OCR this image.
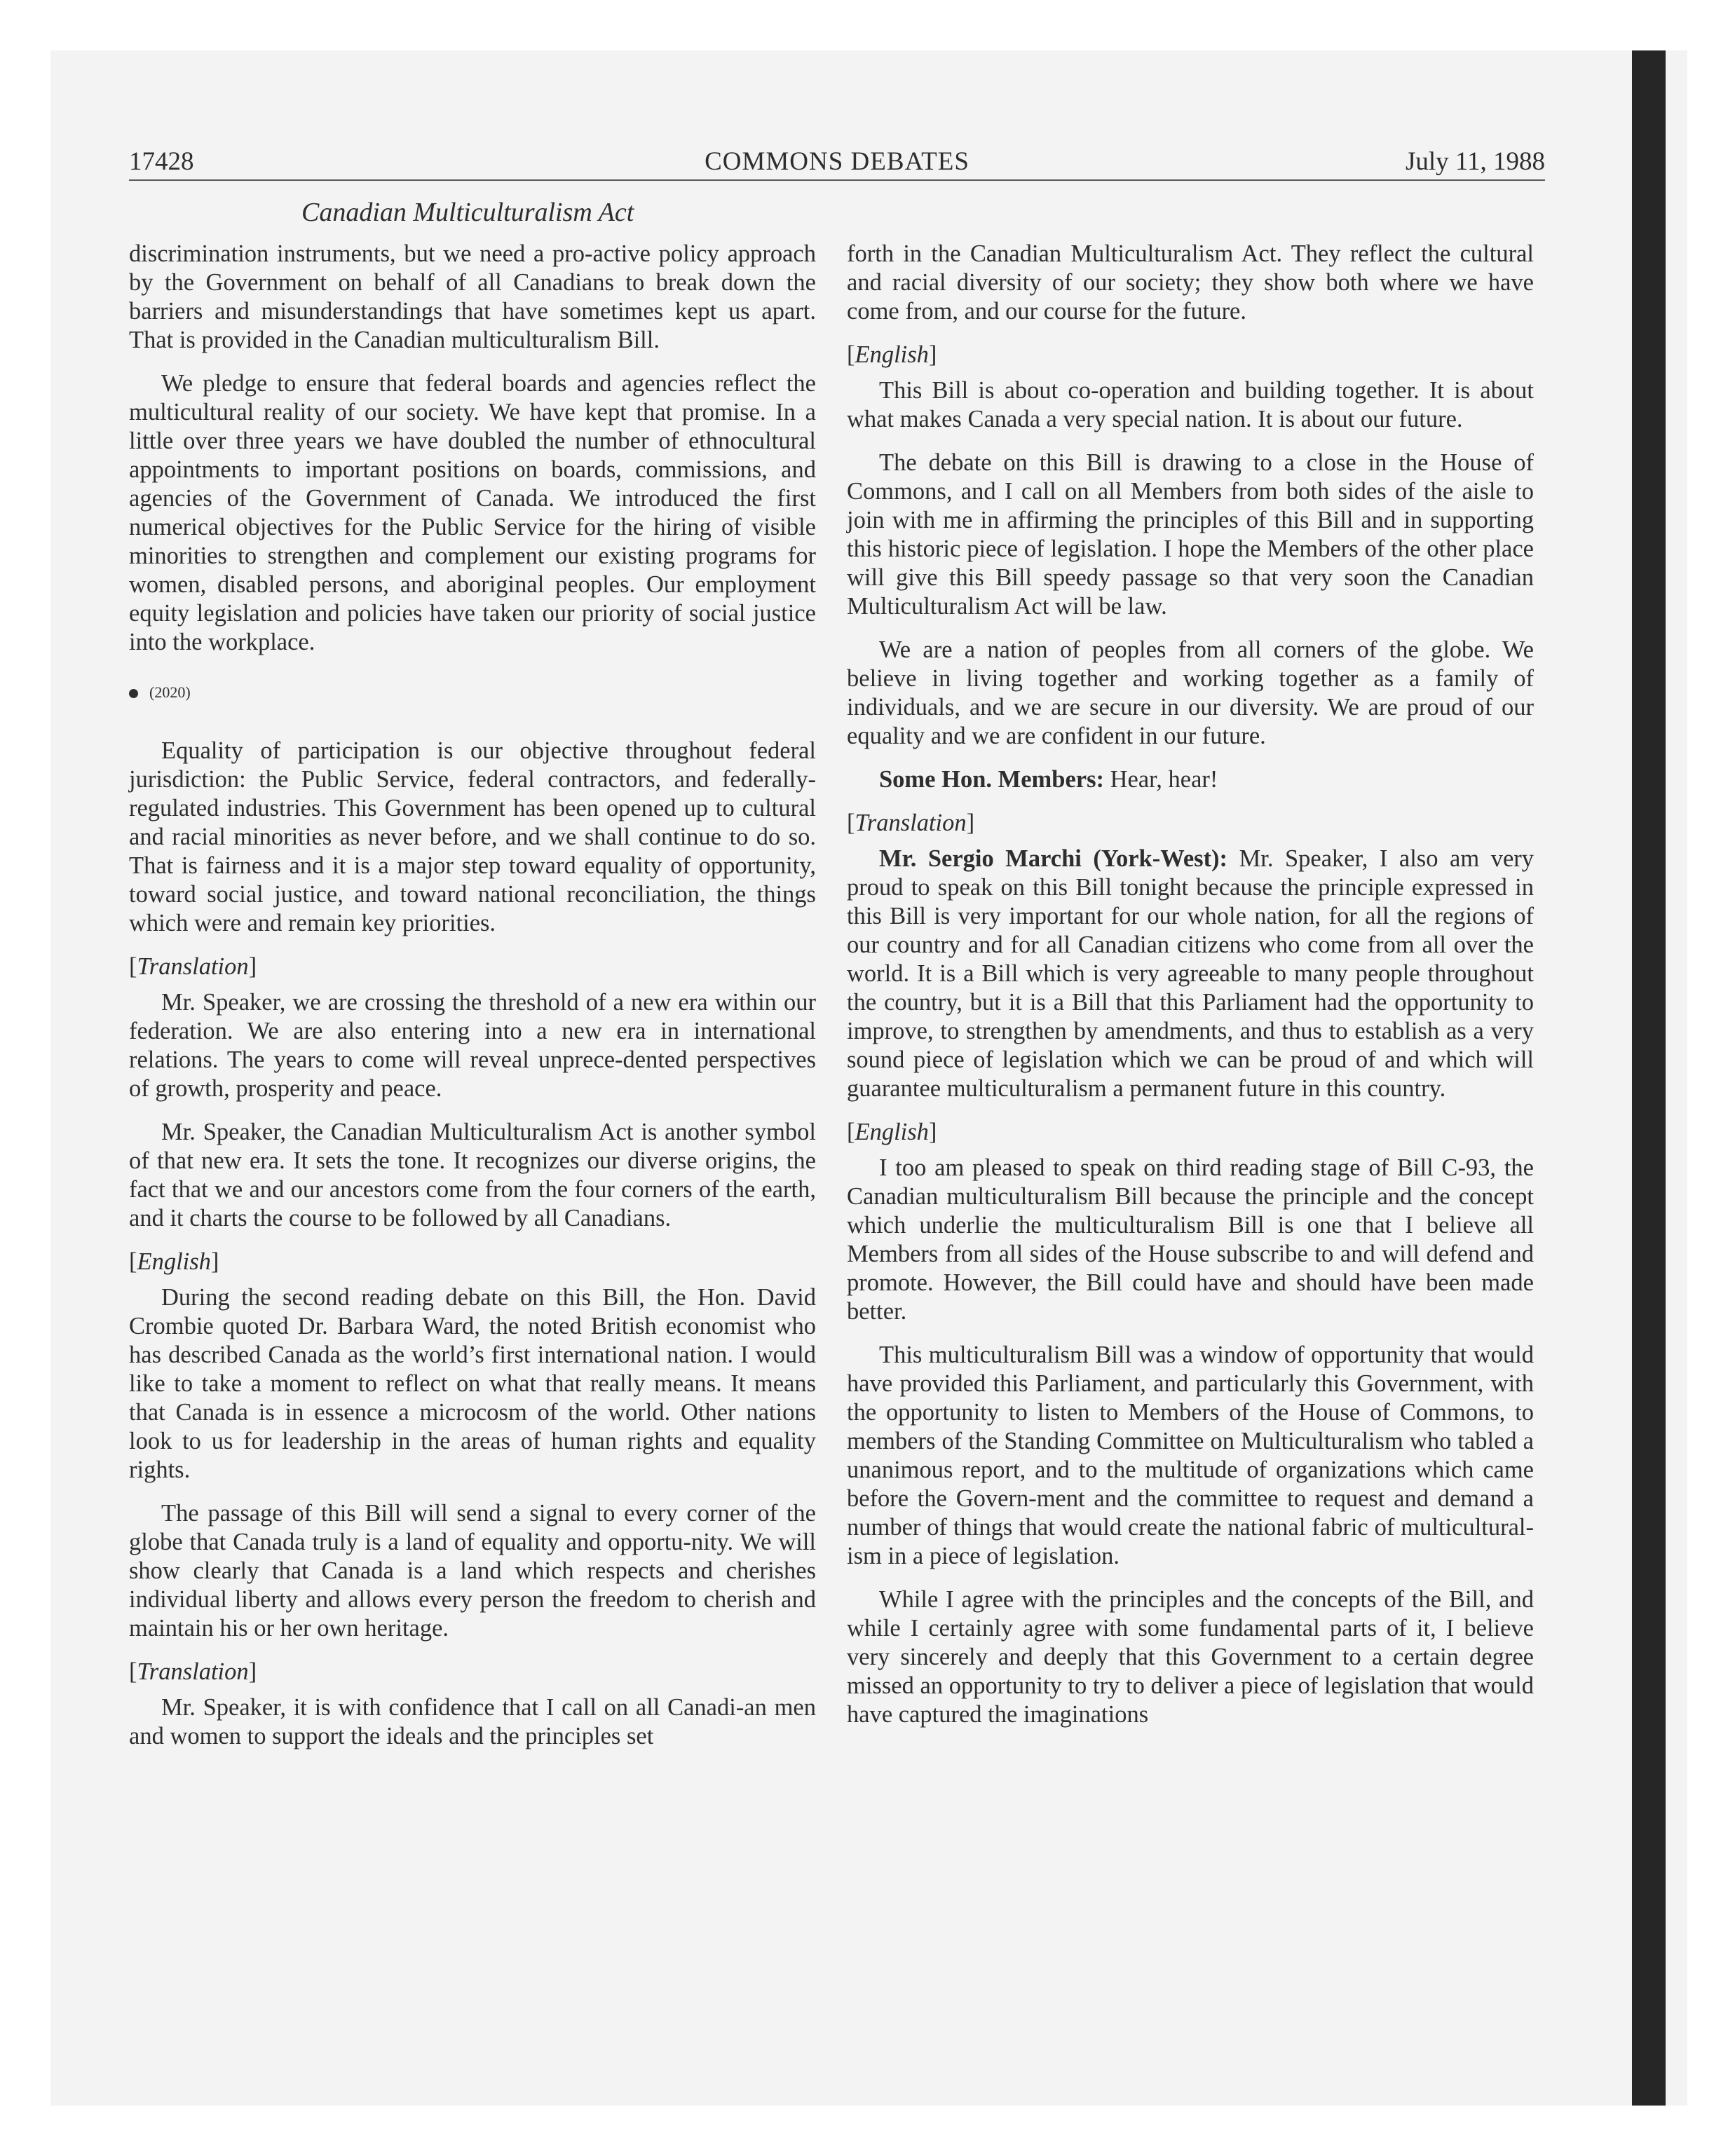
17428	COMMONS DEBATES	July 11, 1988
Canadian Multiculturalism Act

discrimination instruments, but we need a pro-active policy approach by the Government on behalf of all Canadians to break down the barriers and misunderstandings that have sometimes kept us apart. That is provided in the Canadian multiculturalism Bill.

We pledge to ensure that federal boards and agencies reflect the multicultural reality of our society. We have kept that promise. In a little over three years we have doubled the number of ethnocultural appointments to important positions on boards, commissions, and agencies of the Government of Canada. We introduced the first numerical objectives for the Public Service for the hiring of visible minorities to strengthen and complement our existing programs for women, disabled persons, and aboriginal peoples. Our employment equity legislation and policies have taken our priority of social justice into the workplace.

(2020)

Equality of participation is our objective throughout federal jurisdiction: the Public Service, federal contractors, and federally-regulated industries. This Government has been opened up to cultural and racial minorities as never before, and we shall continue to do so. That is fairness and it is a major step toward equality of opportunity, toward social justice, and toward national reconciliation, the things which were and remain key priorities.

[Translation]

Mr. Speaker, we are crossing the threshold of a new era within our federation. We are also entering into a new era in international relations. The years to come will reveal unprece-dented perspectives of growth, prosperity and peace.

Mr. Speaker, the Canadian Multiculturalism Act is another symbol of that new era. It sets the tone. It recognizes our diverse origins, the fact that we and our ancestors come from the four corners of the earth, and it charts the course to be followed by all Canadians.

[English]

During the second reading debate on this Bill, the Hon. David Crombie quoted Dr. Barbara Ward, the noted British economist who has described Canada as the world’s first international nation. I would like to take a moment to reflect on what that really means. It means that Canada is in essence a microcosm of the world. Other nations look to us for leadership in the areas of human rights and equality rights.

The passage of this Bill will send a signal to every corner of the globe that Canada truly is a land of equality and opportu-nity. We will show clearly that Canada is a land which respects and cherishes individual liberty and allows every person the freedom to cherish and maintain his or her own heritage.

[Translation]

Mr. Speaker, it is with confidence that I call on all Canadi-an men and women to support the ideals and the principles set

forth in the Canadian Multiculturalism Act. They reflect the cultural and racial diversity of our society; they show both where we have come from, and our course for the future.

[English]

This Bill is about co-operation and building together. It is about what makes Canada a very special nation. It is about our future.

The debate on this Bill is drawing to a close in the House of Commons, and I call on all Members from both sides of the aisle to join with me in affirming the principles of this Bill and in supporting this historic piece of legislation. I hope the Members of the other place will give this Bill speedy passage so that very soon the Canadian Multiculturalism Act will be law.

We are a nation of peoples from all corners of the globe. We believe in living together and working together as a family of individuals, and we are secure in our diversity. We are proud of our equality and we are confident in our future.

Some Hon. Members: Hear, hear!

[Translation]

Mr. Sergio Marchi (York-West): Mr. Speaker, I also am very proud to speak on this Bill tonight because the principle expressed in this Bill is very important for our whole nation, for all the regions of our country and for all Canadian citizens who come from all over the world. It is a Bill which is very agreeable to many people throughout the country, but it is a Bill that this Parliament had the opportunity to improve, to strengthen by amendments, and thus to establish as a very sound piece of legislation which we can be proud of and which will guarantee multiculturalism a permanent future in this country.

[English]

I too am pleased to speak on third reading stage of Bill C-93, the Canadian multiculturalism Bill because the principle and the concept which underlie the multiculturalism Bill is one that I believe all Members from all sides of the House subscribe to and will defend and promote. However, the Bill could have and should have been made better.

This multiculturalism Bill was a window of opportunity that would have provided this Parliament, and particularly this Government, with the opportunity to listen to Members of the House of Commons, to members of the Standing Committee on Multiculturalism who tabled a unanimous report, and to the multitude of organizations which came before the Govern-ment and the committee to request and demand a number of things that would create the national fabric of multicultural-ism in a piece of legislation.

While I agree with the principles and the concepts of the Bill, and while I certainly agree with some fundamental parts of it, I believe very sincerely and deeply that this Government to a certain degree missed an opportunity to try to deliver a piece of legislation that would have captured the imaginations
